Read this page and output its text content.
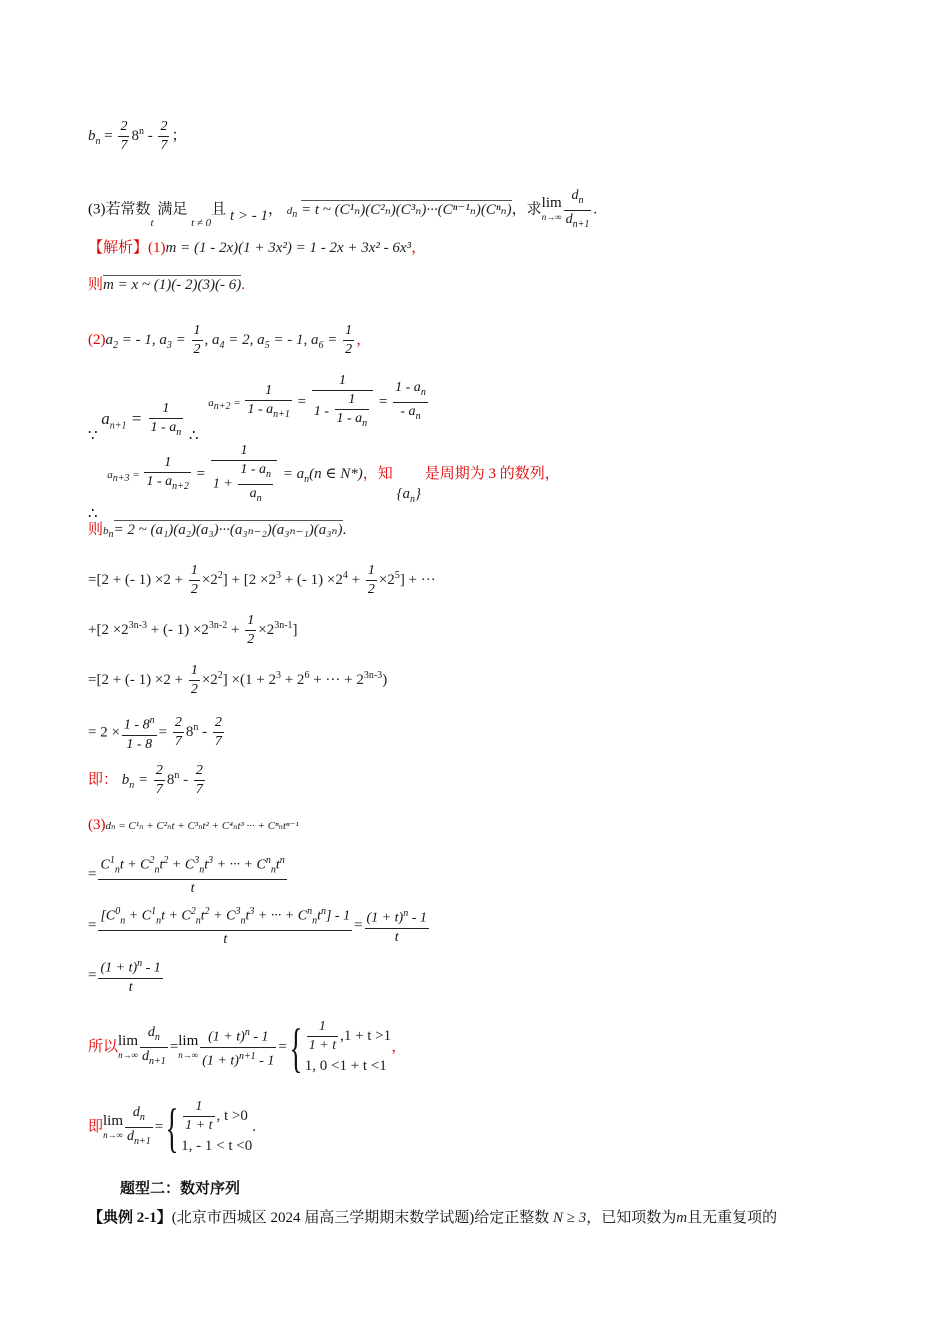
$b_n = \frac{2}{7} 8^n - \frac{2}{7}$ ；
(3)若常数$_t$ 满足 $_{t \ne 0}$且 t > - 1， $d_n = t$ ~ (C¹ₙ)(C²ₙ)(C³ₙ)···(Cⁿ⁻¹ₙ)(Cⁿₙ)，求 lim
$n\to\infty \frac{d_n}{d_{n+1}}$ .
【解析】(1)m = (1 - 2x)(1 + 3x²) = 1 - 2x + 3x² - 6x³，
则m = x ~ (1)(- 2)(3)(- 6).
$(2)a_2$ = - 1, $a_3 = \frac{1}{2}$ , $a_4 = 2$, $a_5$ = - 1, $a_6 = \frac{1}{2}$ ，
∵ $a_{n+1} = \frac{1}{1 - a_n}$ ∴ $a_{n+2} = \frac{1}{1 - a_{n+1}} = \frac{1}{1 - \frac{1}{1 - a_n}} = \frac{1 - a_n}{- a_n}$
∴ $a_{n+3} = \frac{1}{1 - a_{n+2}} = \frac{1}{1 + \frac{1 - a_n}{a_n}} = a_n(n$ ∈ N*)，知 $\{a_n\}$ 是周期为 3 的数列，
则$b_n= 2$ ~ (a₁)(a₂)(a₃)···(a₃ₙ₋₂)(a₃ₙ₋₁)(a₃ₙ).
=[2 + (- $1) \times 2 + \frac{1}{2} \times 2^2] + [2 \times 2^3$ + (- $1) \times 2^4 + \frac{1}{2} \times 2^5$] + ···
$+[2 \times 2^{3n-3}$ + (- $1) \times 2^{3n-2} + \frac{1}{2} \times 2^{3n-1}$]
=[2 + (- $1) \times 2 + \frac{1}{2} \times 2^2] \times(1 + 2^3 + 2^6$ + ··· + $2^{3n-3}$)
= $2 \times \frac{1 - 8^n}{1 - 8} = \frac{2}{7} 8^n - \frac{2}{7}$
即： $b_n = \frac{2}{7} 8^n - \frac{2}{7}$
(3)dₙ = C¹ₙ + C²ₙt + C³ₙt² + C⁴ₙt³ ··· + Cⁿₙtⁿ⁻¹
= $\frac{C^1_nt + C^2_nt^2 + C^3_nt^3 + \cdot\cdot\cdot + C^n_nt^n}{t}$
= $\frac{[C^0_n + C^1_nt + C^2_nt^2 + C^3_nt^3 + \cdot\cdot\cdot + C^n_nt^n] - 1}{t} = \frac{(1 + t)^n - 1}{t}$
= $\frac{(1 + t)^n - 1}{t}$
所以 lim
$n\to\infty \frac{d_n}{d_{n+1}} = \lim$
$n\to\infty \frac{(1 + t)^n - 1}{(1 + t)^{n+1} - 1}$ ={ $\frac{1}{1 + t} ,1 + t >1$
1, 0 <1 + t <1
，
即 lim
$n\to\infty \frac{d_n}{d_{n+1}}$ ={ $\frac{1}{1 + t}$ , t >0
1, - 1 < t <0
.
题型二：数对序列
【典例 2-1】(北京市西城区 2024 届高三学期期末数学试题)给定正整数 N ≥ 3，已知项数为m且无重复项的
